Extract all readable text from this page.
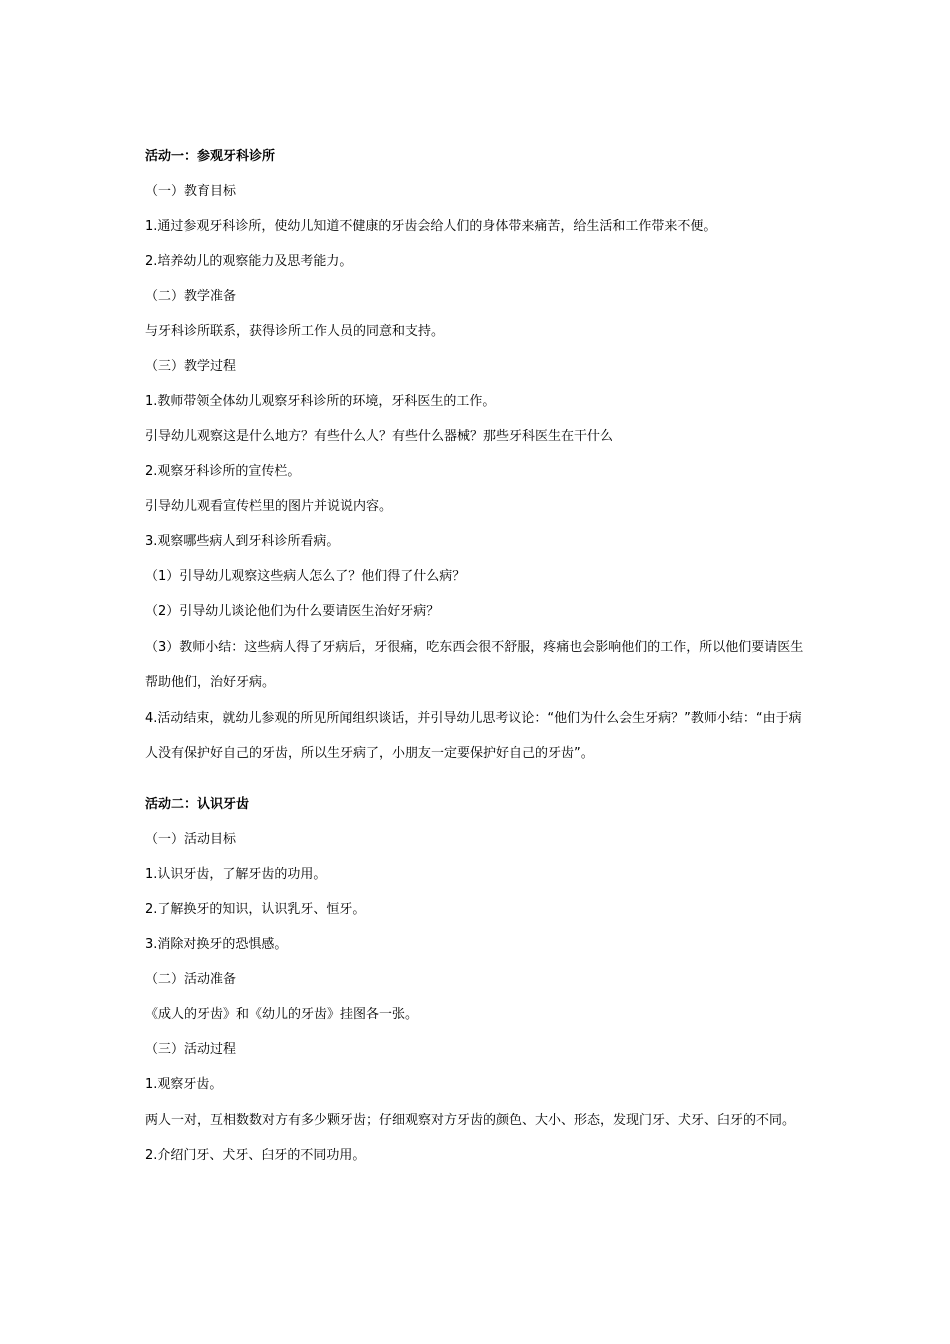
活动一：参观牙科诊所
（一）教育目标
1.通过参观牙科诊所，使幼儿知道不健康的牙齿会给人们的身体带来痛苦，给生活和工作带来不便。
2.培养幼儿的观察能力及思考能力。
（二）教学准备
与牙科诊所联系，获得诊所工作人员的同意和支持。
（三）教学过程
1.教师带领全体幼儿观察牙科诊所的环境，牙科医生的工作。
引导幼儿观察这是什么地方？有些什么人？有些什么器械？那些牙科医生在干什么
2.观察牙科诊所的宣传栏。
引导幼儿观看宣传栏里的图片并说说内容。
3.观察哪些病人到牙科诊所看病。
（1）引导幼儿观察这些病人怎么了？他们得了什么病？
（2）引导幼儿谈论他们为什么要请医生治好牙病？
（3）教师小结：这些病人得了牙病后，牙很痛，吃东西会很不舒服，疼痛也会影响他们的工作，所以他们要请医生帮助他们，治好牙病。
4.活动结束，就幼儿参观的所见所闻组织谈话，并引导幼儿思考议论：“他们为什么会生牙病？”教师小结：“由于病人没有保护好自己的牙齿，所以生牙病了，小朋友一定要保护好自己的牙齿”。
活动二：认识牙齿
（一）活动目标
1.认识牙齿，了解牙齿的功用。
2.了解换牙的知识，认识乳牙、恒牙。
3.消除对换牙的恐惧感。
（二）活动准备
《成人的牙齿》和《幼儿的牙齿》挂图各一张。
（三）活动过程
1.观察牙齿。
两人一对，互相数数对方有多少颗牙齿；仔细观察对方牙齿的颜色、大小、形态，发现门牙、犬牙、臼牙的不同。
2.介绍门牙、犬牙、臼牙的不同功用。
